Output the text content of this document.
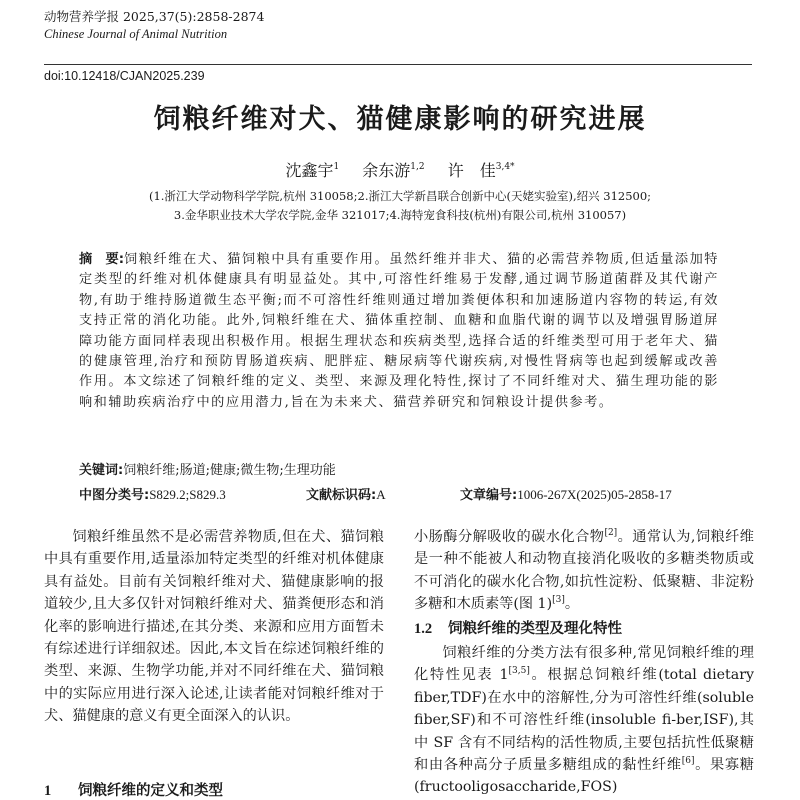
动物营养学报 2025,37(5):2858-2874
Chinese Journal of Animal Nutrition
doi:10.12418/CJAN2025.239
饲粮纤维对犬、猫健康影响的研究进展
沈鑫宇$^1$ 余东游$^{1,2}$ 许　佳$^{3,4*}$
(1.浙江大学动物科学学院,杭州 310058;2.浙江大学新昌联合创新中心(天姥实验室),绍兴 312500;
3.金华职业技术大学农学院,金华 321017;4.海特宠食科技(杭州)有限公司,杭州 310057)
摘　要:饲粮纤维在犬、猫饲粮中具有重要作用。虽然纤维并非犬、猫的必需营养物质,但适量添加特定类型的纤维对机体健康具有明显益处。其中,可溶性纤维易于发酵,通过调节肠道菌群及其代谢产物,有助于维持肠道微生态平衡;而不可溶性纤维则通过增加粪便体积和加速肠道内容物的转运,有效支持正常的消化功能。此外,饲粮纤维在犬、猫体重控制、血糖和血脂代谢的调节以及增强胃肠道屏障功能方面同样表现出积极作用。根据生理状态和疾病类型,选择合适的纤维类型可用于老年犬、猫的健康管理,治疗和预防胃肠道疾病、肥胖症、糖尿病等代谢疾病,对慢性肾病等也起到缓解或改善作用。本文综述了饲粮纤维的定义、类型、来源及理化特性,探讨了不同纤维对犬、猫生理功能的影响和辅助疾病治疗中的应用潜力,旨在为未来犬、猫营养研究和饲粮设计提供参考。
关键词:饲粮纤维;肠道;健康;微生物;生理功能
中图分类号:S829.2;S829.3	文献标识码:A	文章编号:1006-267X(2025)05-2858-17

饲粮纤维虽然不是必需营养物质,但在犬、猫饲粮中具有重要作用,适量添加特定类型的纤维对机体健康具有益处。目前有关饲粮纤维对犬、猫健康影响的报道较少,且大多仅针对饲粮纤维对犬、猫粪便形态和消化率的影响进行描述,在其分类、来源和应用方面暂未有综述进行详细叙述。因此,本文旨在综述饲粮纤维的类型、来源、生物学功能,并对不同纤维在犬、猫饲粮中的实际应用进行深入论述,让读者能对饲粮纤维对于犬、猫健康的意义有更全面深入的认识。

1 饲粮纤维的定义和类型

小肠酶分解吸收的碳水化合物[2]。通常认为,饲粮纤维是一种不能被人和动物直接消化吸收的多糖类物质或不可消化的碳水化合物,如抗性淀粉、低聚糖、非淀粉多糖和木质素等(图 1)[3]。

1.2 饲粮纤维的类型及理化特性

饲粮纤维的分类方法有很多种,常见饲粮纤维的理化特性见表 1[3,5]。根据总饲粮纤维(total dietary fiber,TDF)在水中的溶解性,分为可溶性纤维(soluble fiber,SF)和不可溶性纤维(insoluble fi-ber,ISF),其中 SF 含有不同结构的活性物质,主要包括抗性低聚糖和由各种高分子质量多糖组成的黏性纤维[6]。果寡糖(fructooligosaccharide,FOS)
